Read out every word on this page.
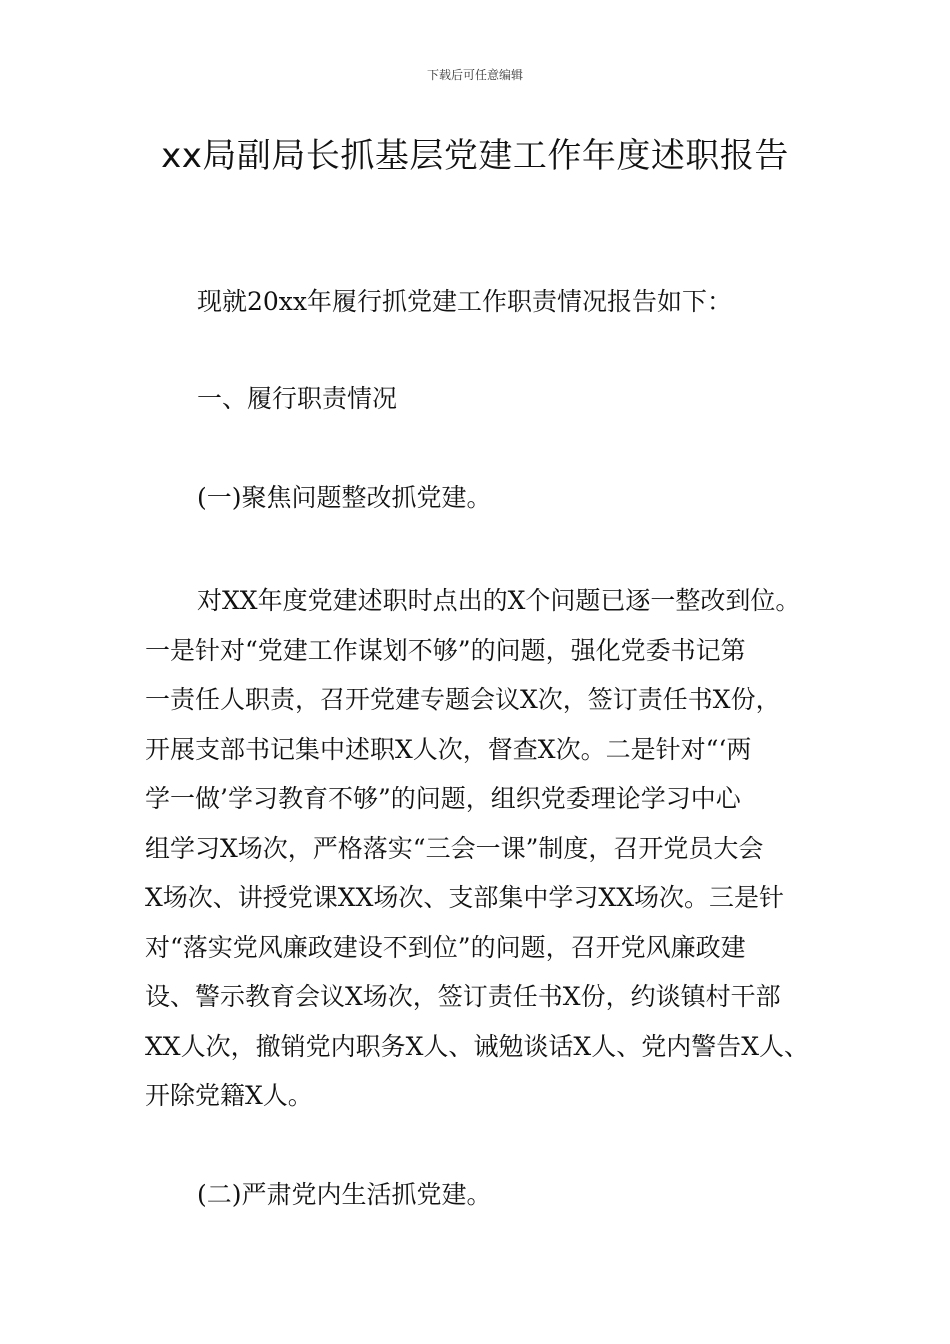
下载后可任意编辑
xx局副局长抓基层党建工作年度述职报告
现就20xx年履行抓党建工作职责情况报告如下：
一、履行职责情况
(一)聚焦问题整改抓党建。
对XX年度党建述职时点出的X个问题已逐一整改到位。
一是针对“党建工作谋划不够”的问题，强化党委书记第
一责任人职责，召开党建专题会议X次，签订责任书X份，
开展支部书记集中述职X人次，督查X次。二是针对“‘两
学一做’学习教育不够”的问题，组织党委理论学习中心
组学习X场次，严格落实“三会一课”制度，召开党员大会
X场次、讲授党课XX场次、支部集中学习XX场次。三是针
对“落实党风廉政建设不到位”的问题，召开党风廉政建
设、警示教育会议X场次，签订责任书X份，约谈镇村干部
XX人次，撤销党内职务X人、诫勉谈话X人、党内警告X人、
开除党籍X人。
(二)严肃党内生活抓党建。
